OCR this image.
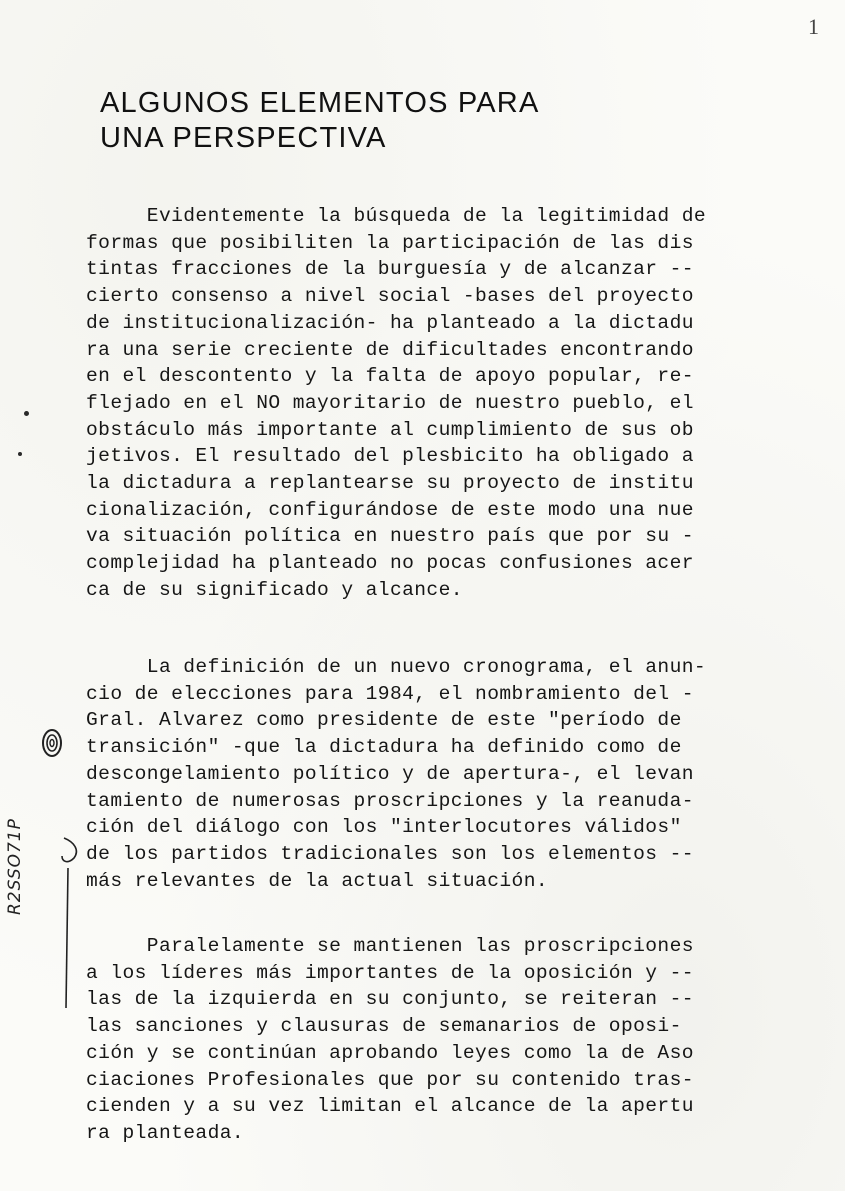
1
ALGUNOS ELEMENTOS PARA
UNA PERSPECTIVA
Evidentemente la búsqueda de la legitimidad de
formas que posibiliten la participación de las dis
tintas fracciones de la burguesía y de alcanzar --
cierto consenso a nivel social -bases del proyecto
de institucionalización- ha planteado a la dictadu
ra una serie creciente de dificultades encontrando
en el descontento y la falta de apoyo popular, re-
flejado en el NO mayoritario de nuestro pueblo, el
obstáculo más importante al cumplimiento de sus ob
jetivos. El resultado del plesbicito ha obligado a
la dictadura a replantearse su proyecto de institu
cionalización, configurándose de este modo una nue
va situación política en nuestro país que por su -
complejidad ha planteado no pocas confusiones acer
ca de su significado y alcance.
La definición de un nuevo cronograma, el anun-
cio de elecciones para 1984, el nombramiento del -
Gral. Alvarez como presidente de este "período de
transición" -que la dictadura ha definido como de
descongelamiento político y de apertura-, el levan
tamiento de numerosas proscripciones y la reanuda-
ción del diálogo con los "interlocutores válidos"
de los partidos tradicionales son los elementos --
más relevantes de la actual situación.
Paralelamente se mantienen las proscripciones
a los líderes más importantes de la oposición y --
las de la izquierda en su conjunto, se reiteran --
las sanciones y clausuras de semanarios de oposi-
ción y se continúan aprobando leyes como la de Aso
ciaciones Profesionales que por su contenido tras-
cienden y a su vez limitan el alcance de la apertu
ra planteada.
R2SSO71P
